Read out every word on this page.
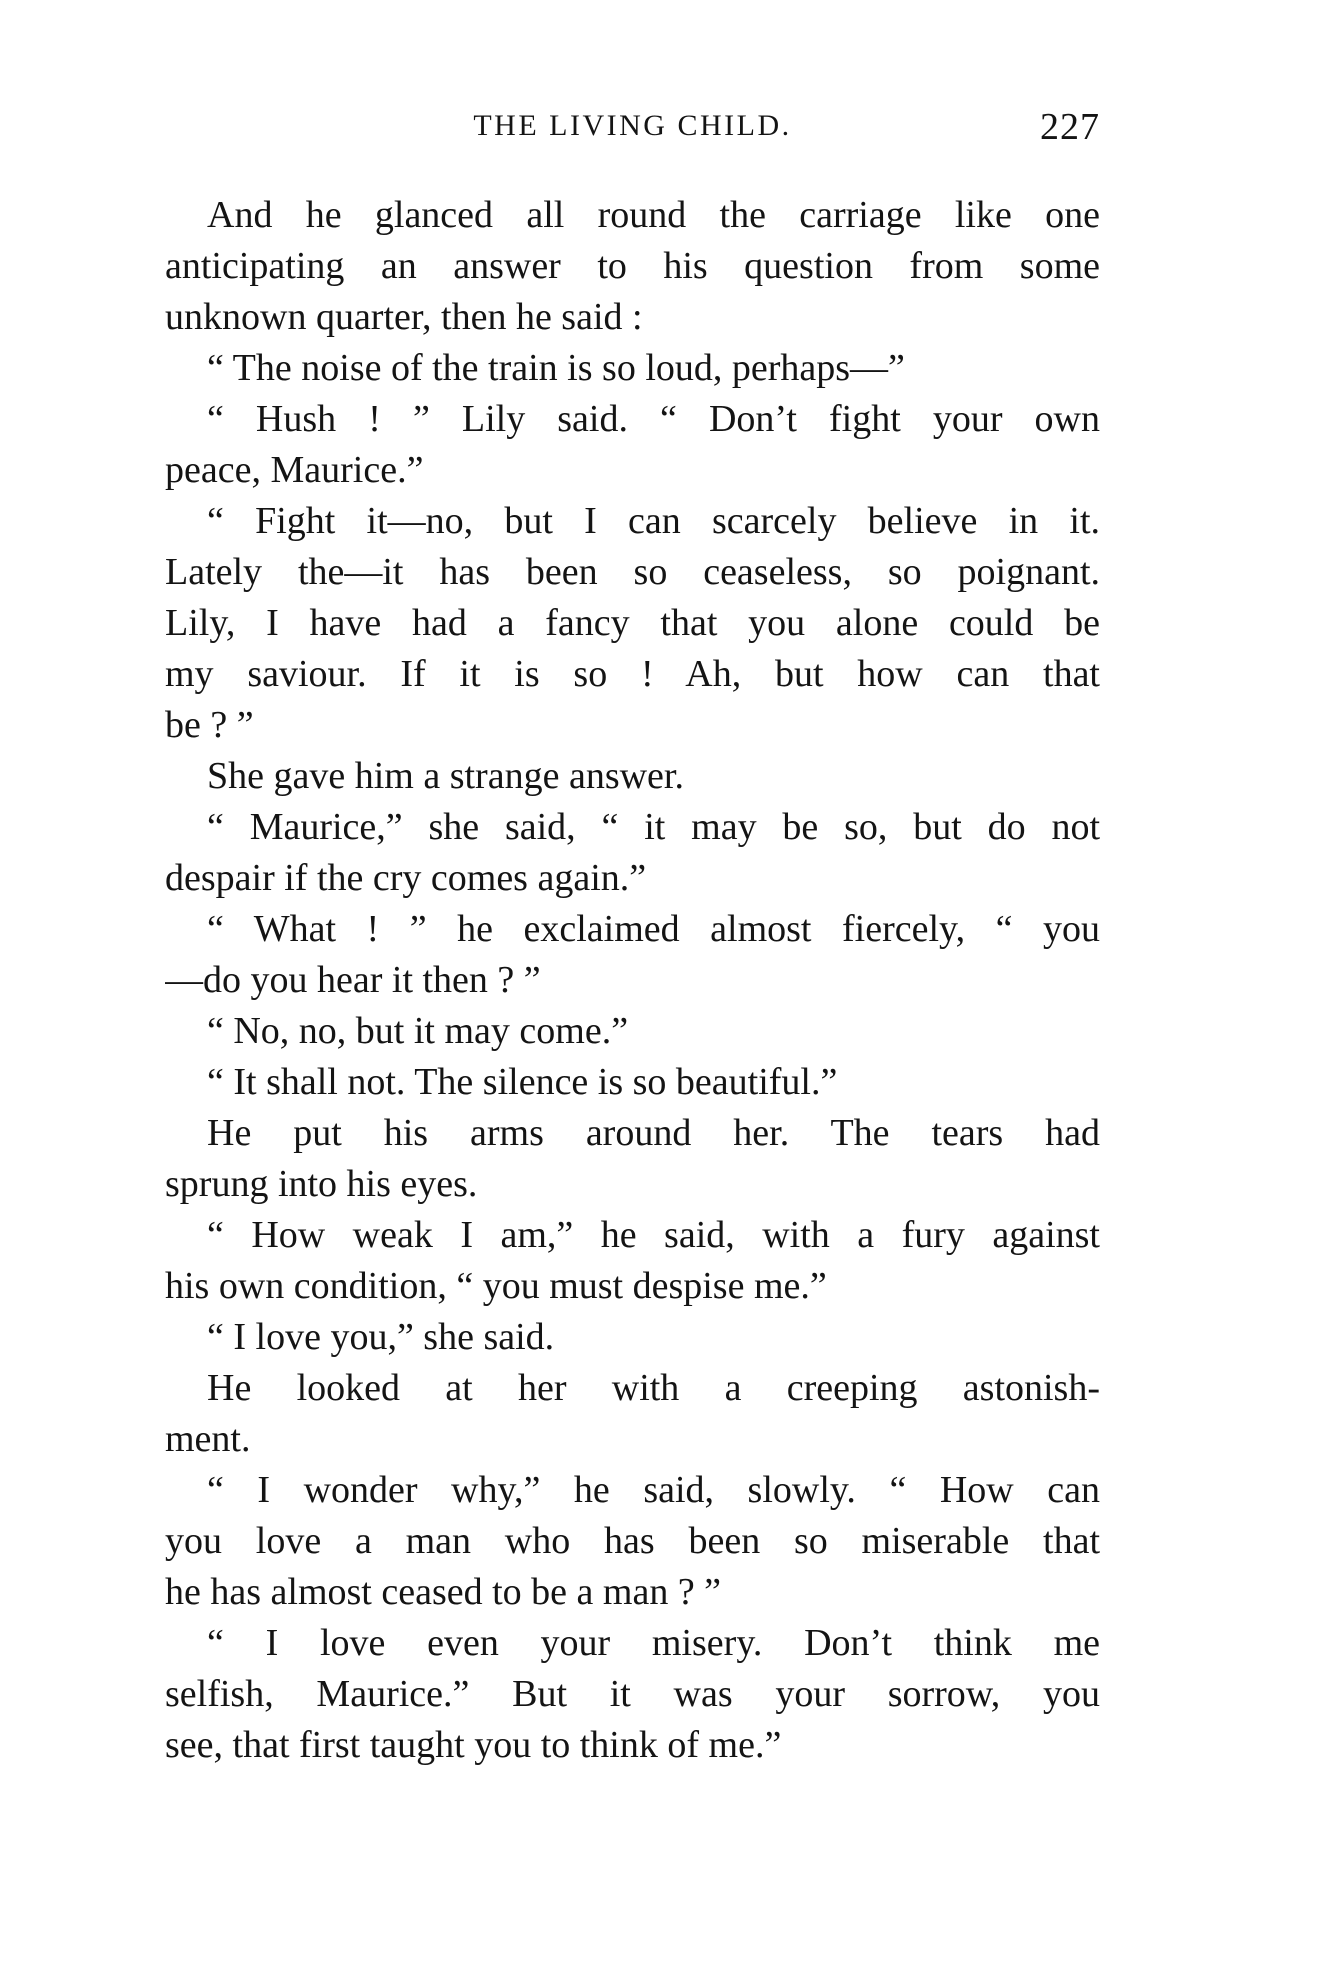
THE LIVING CHILD.	227
And he glanced all round the carriage like one
anticipating an answer to his question from some
unknown quarter, then he said :
“ The noise of the train is so loud, perhaps—”
“ Hush ! ” Lily said. “ Don’t fight your own
peace, Maurice.”
“ Fight it—no, but I can scarcely believe in it.
Lately the—it has been so ceaseless, so poignant.
Lily, I have had a fancy that you alone could be
my saviour. If it is so ! Ah, but how can that
be ? ”
She gave him a strange answer.
“ Maurice,” she said, “ it may be so, but do not
despair if the cry comes again.”
“ What ! ” he exclaimed almost fiercely, “ you
—do you hear it then ? ”
“ No, no, but it may come.”
“ It shall not. The silence is so beautiful.”
He put his arms around her. The tears had
sprung into his eyes.
“ How weak I am,” he said, with a fury against
his own condition, “ you must despise me.”
“ I love you,” she said.
He looked at her with a creeping astonish-
ment.
“ I wonder why,” he said, slowly. “ How can
you love a man who has been so miserable that
he has almost ceased to be a man ? ”
“ I love even your misery. Don’t think me
selfish, Maurice.” But it was your sorrow, you
see, that first taught you to think of me.”
